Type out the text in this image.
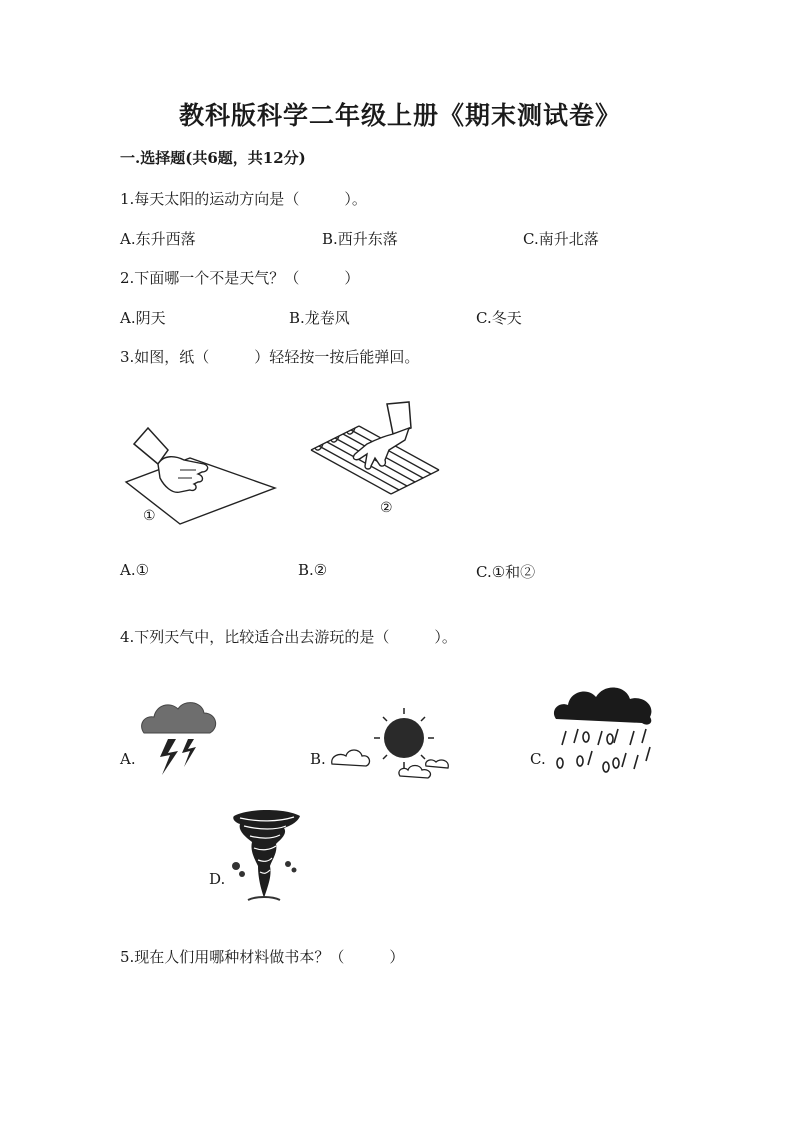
教科版科学二年级上册《期末测试卷》
一.选择题(共6题，共12分)
1.每天太阳的运动方向是（　　　）。
A.东升西落	B.西升东落	C.南升北落
2.下面哪一个不是天气？（　　　）
A.阴天	B.龙卷风	C.冬天
3.如图，纸（　　　）轻轻按一按后能弹回。
①	②
A.①	B.②	C.①和②
4.下列天气中，比较适合出去游玩的是（　　　）。
A.	B.	C.
D.
5.现在人们用哪种材料做书本？（　　　）
